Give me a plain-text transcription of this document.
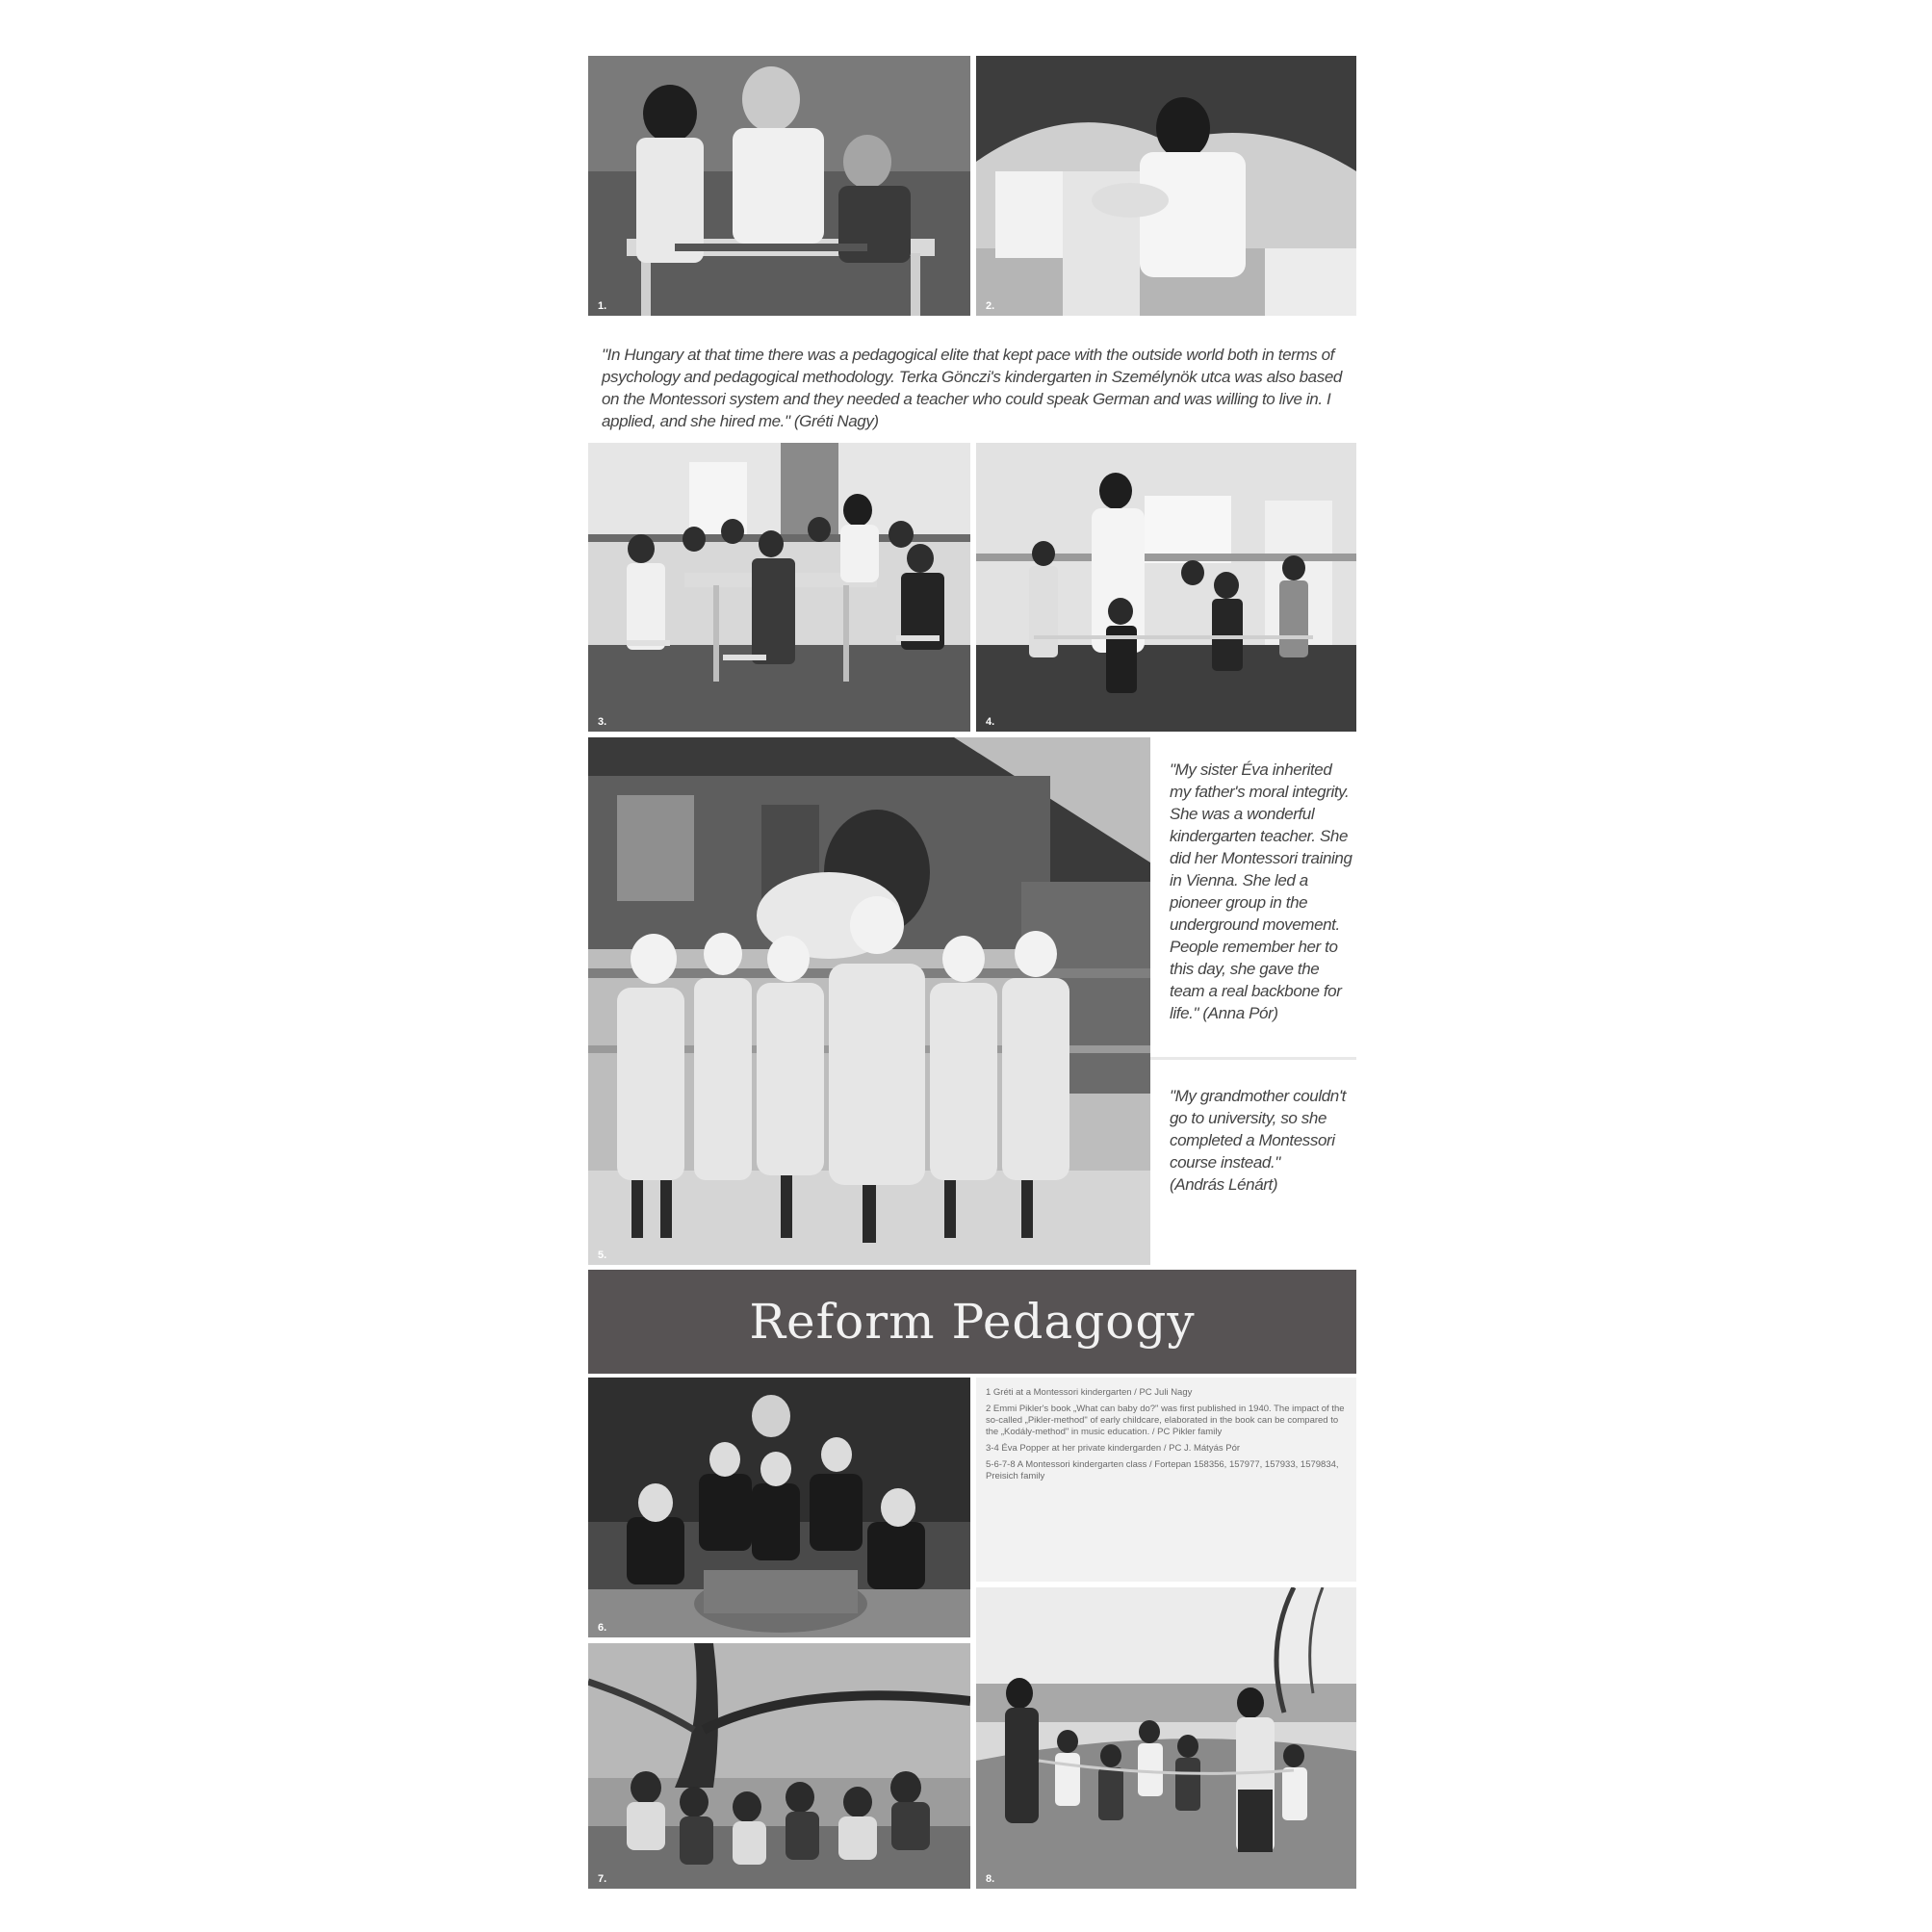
1.	2.

"In Hungary at that time there was a pedagogical elite that kept pace with the outside world both in terms of psychology and pedagogical methodology. Terka Gönczi's kindergarten in Személynök utca was also based on the Montessori system and they needed a teacher who could speak German and was willing to live in. I applied, and she hired me." (Gréti Nagy)

3.	4.
5.

"My sister Éva inherited my father's moral integrity. She was a wonderful kindergarten teacher. She did her Montessori training in Vienna. She led a pioneer group in the underground movement. People remember her to this day, she gave the team a real backbone for life." (Anna Pór)

"My grandmother couldn't go to university, so she completed a Montessori course instead."
(András Lénárt)

Reform Pedagogy
6.

1 Gréti at a Montessori kindergarten / PC Juli Nagy

2 Emmi Pikler's book „What can baby do?" was first published in 1940. The impact of the so-called „Pikler-method" of early childcare, elaborated in the book can be compared to the „Kodály-method" in music education. / PC Pikler family

3-4 Éva Popper at her private kindergarden / PC J. Mátyás Pór

5-6-7-8 A Montessori kindergarten class / Fortepan 158356, 157977, 157933, 1579834, Preisich family

7.	8.
